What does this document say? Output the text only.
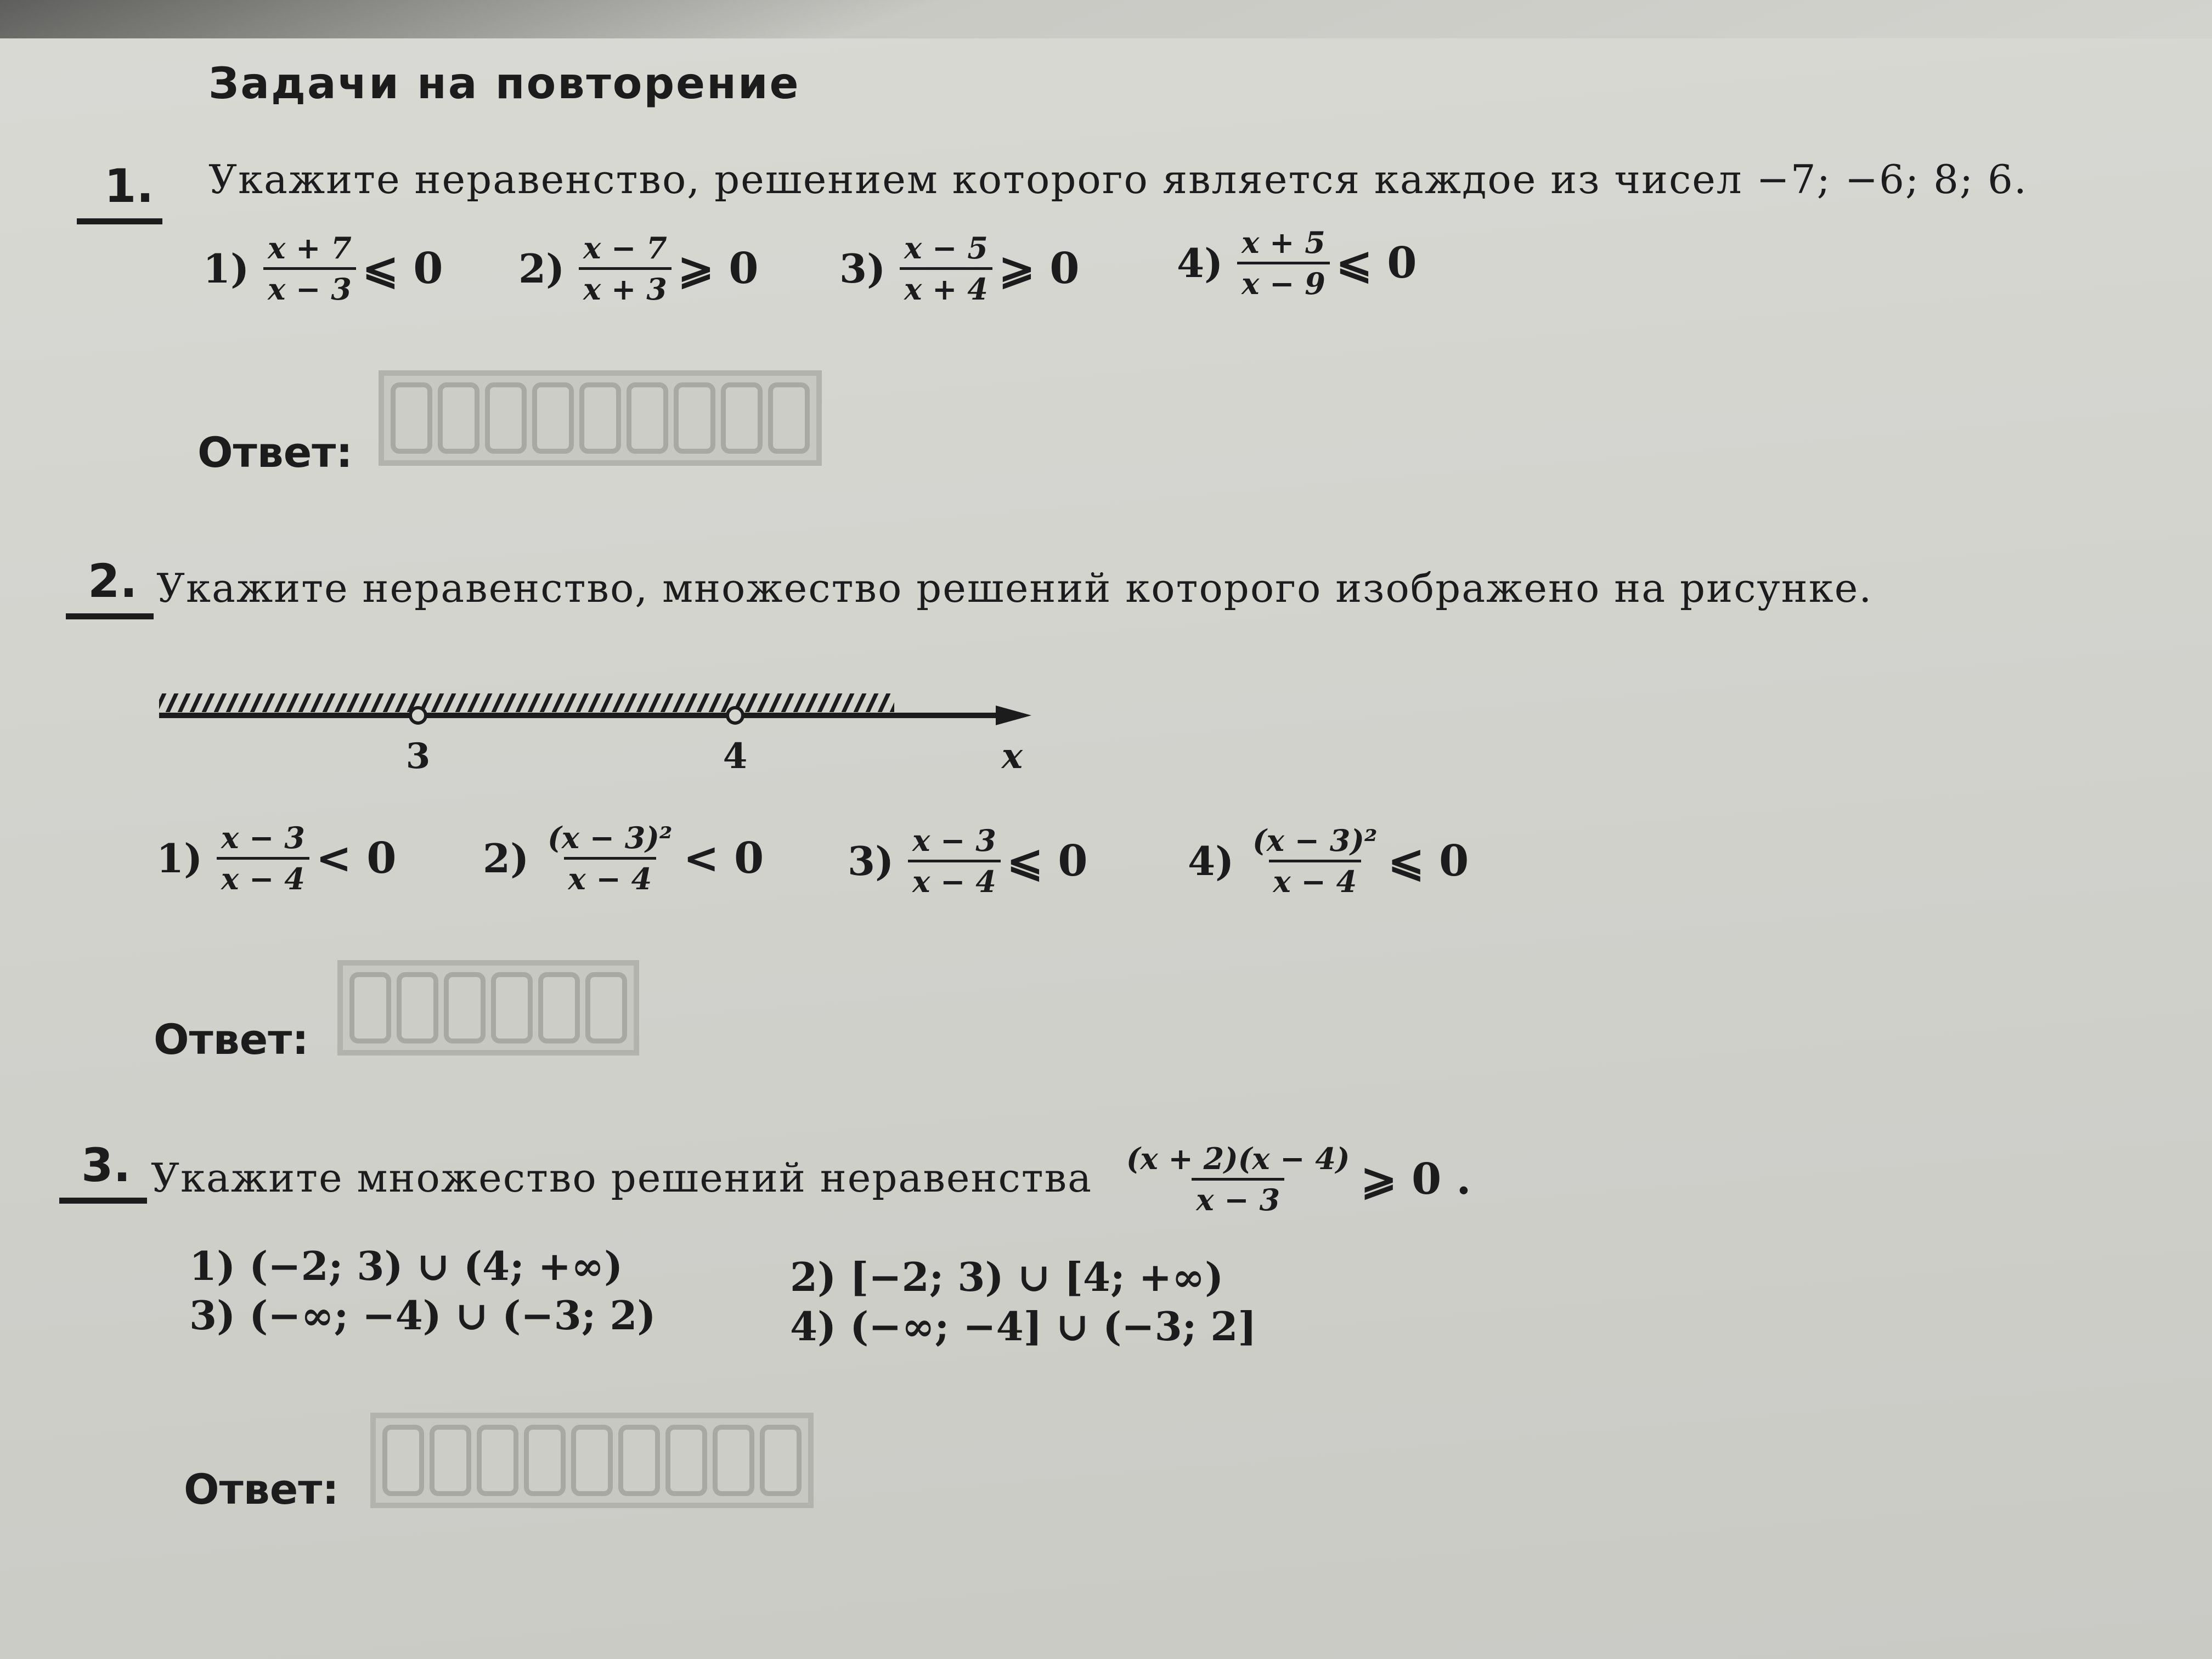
Задачи на повторение
1. Укажите неравенство, решением которого является каждое из чисел −7; −6; 8; 6.
$1) \frac{x + 7}{x - 3}$ ⩽ 0 $2) \frac{x - 7}{x + 3}$ ⩾ 0 $3) \frac{x - 5}{x + 4}$ ⩾ 0 $4) \frac{x + 5}{x - 9}$ ⩽ 0
Ответ:
2. Укажите неравенство, множество решений которого изображено на рисунке.
3	4	x
$1) \frac{x - 3}{x - 4} < 0$ $2) \frac{\text{(x − 3)²}}{x - 4} < 0$ $3) \frac{x - 3}{x - 4}$ ⩽ 0	$4) \frac{\text{(x − 3)²}}{x - 4}$ ⩽ 0
Ответ:
3. Укажите множество решений неравенства $\frac{(x + 2)(x - 4)}{x - 3}$ ⩾ 0 .
1) (−2; 3) ∪ (4; +∞)	2) [−2; 3) ∪ [4; +∞)
3) (−∞; −4) ∪ (−3; 2)	4) (−∞; −4] ∪ (−3; 2]
Ответ:
